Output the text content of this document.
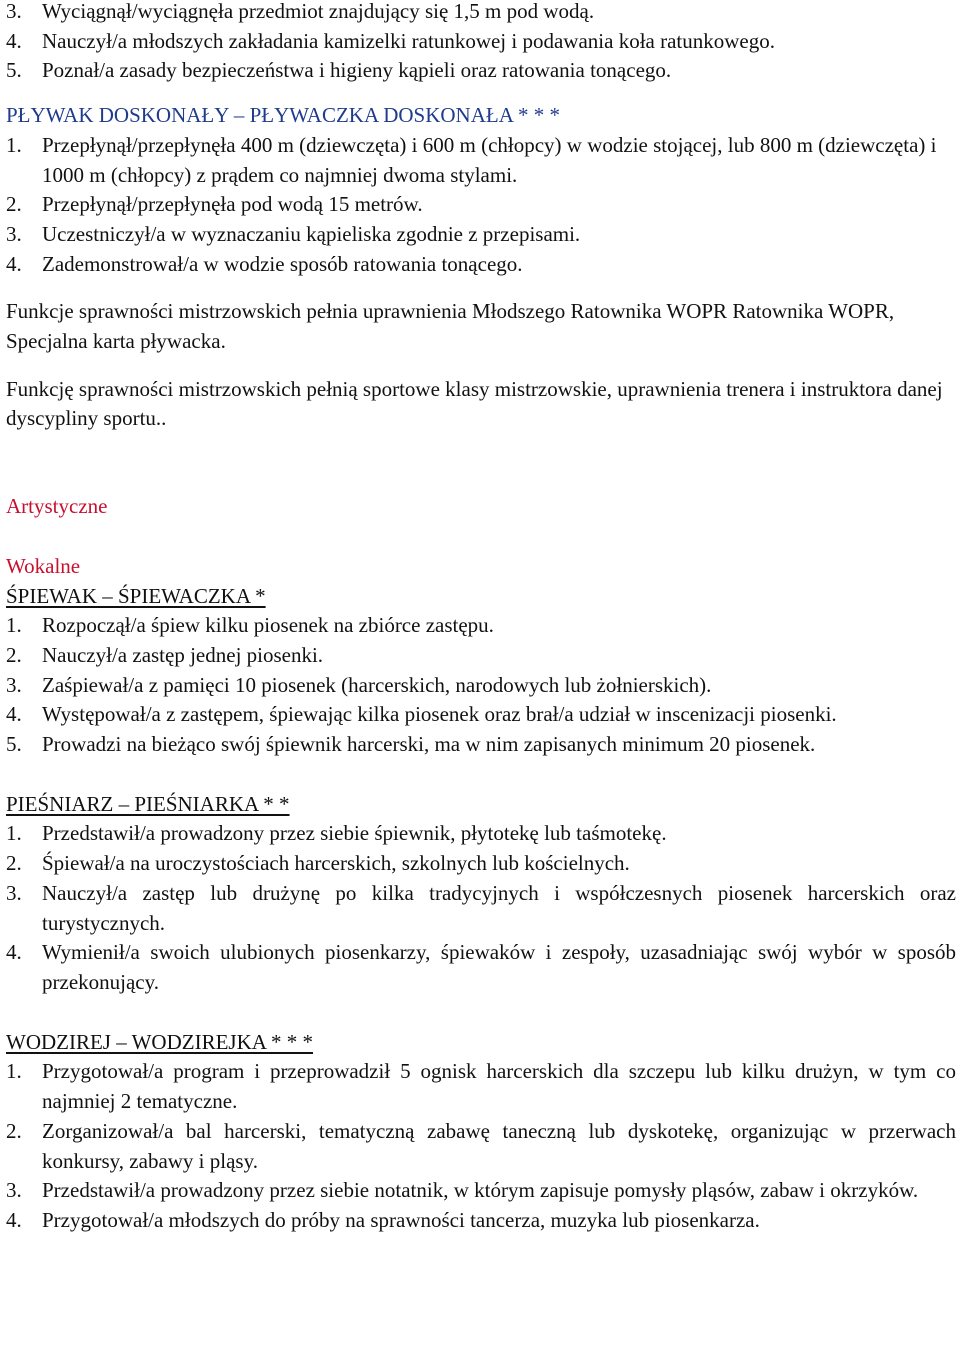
3. Wyciągnął/wyciągnęła przedmiot znajdujący się 1,5 m pod wodą.
4. Nauczył/a młodszych zakładania kamizelki ratunkowej i podawania koła ratunkowego.
5. Poznał/a zasady bezpieczeństwa i higieny kąpieli oraz ratowania tonącego.
PŁYWAK DOSKONAŁY – PŁYWACZKA DOSKONAŁA * * *
1. Przepłynął/przepłynęła 400 m (dziewczęta) i 600 m (chłopcy) w wodzie stojącej, lub 800 m (dziewczęta) i 1000 m (chłopcy) z prądem co najmniej dwoma stylami.
2. Przepłynął/przepłynęła pod wodą 15 metrów.
3. Uczestniczył/a w wyznaczaniu kąpieliska zgodnie z przepisami.
4. Zademonstrował/a w wodzie sposób ratowania tonącego.
Funkcje sprawności mistrzowskich pełnia uprawnienia Młodszego Ratownika WOPR Ratownika WOPR, Specjalna karta pływacka.
Funkcję sprawności mistrzowskich pełnią sportowe klasy mistrzowskie, uprawnienia trenera i instruktora danej dyscypliny sportu..
Artystyczne
Wokalne
ŚPIEWAK – ŚPIEWACZKA *
1. Rozpoczął/a śpiew kilku piosenek na zbiórce zastępu.
2. Nauczył/a zastęp jednej piosenki.
3. Zaśpiewał/a z pamięci 10 piosenek (harcerskich, narodowych lub żołnierskich).
4. Występował/a z zastępem, śpiewając kilka piosenek oraz brał/a udział w inscenizacji piosenki.
5. Prowadzi na bieżąco swój śpiewnik harcerski, ma w nim zapisanych minimum 20 piosenek.
PIEŚNIARZ – PIEŚNIARKA * *
1. Przedstawił/a prowadzony przez siebie śpiewnik, płytotekę lub taśmotekę.
2. Śpiewał/a na uroczystościach harcerskich, szkolnych lub kościelnych.
3. Nauczył/a zastęp lub drużynę po kilka tradycyjnych i współczesnych piosenek harcerskich oraz turystycznych.
4. Wymienił/a swoich ulubionych piosenkarzy, śpiewaków i zespoły, uzasadniając swój wybór w sposób przekonujący.
WODZIREJ – WODZIREJKA * * *
1. Przygotował/a program i przeprowadził 5 ognisk harcerskich dla szczepu lub kilku drużyn, w tym co najmniej 2 tematyczne.
2. Zorganizował/a bal harcerski, tematyczną zabawę taneczną lub dyskotekę, organizując w przerwach konkursy, zabawy i pląsy.
3. Przedstawił/a prowadzony przez siebie notatnik, w którym zapisuje pomysły pląsów, zabaw i okrzyków.
4. Przygotował/a młodszych do próby na sprawności tancerza, muzyka lub piosenkarza.
